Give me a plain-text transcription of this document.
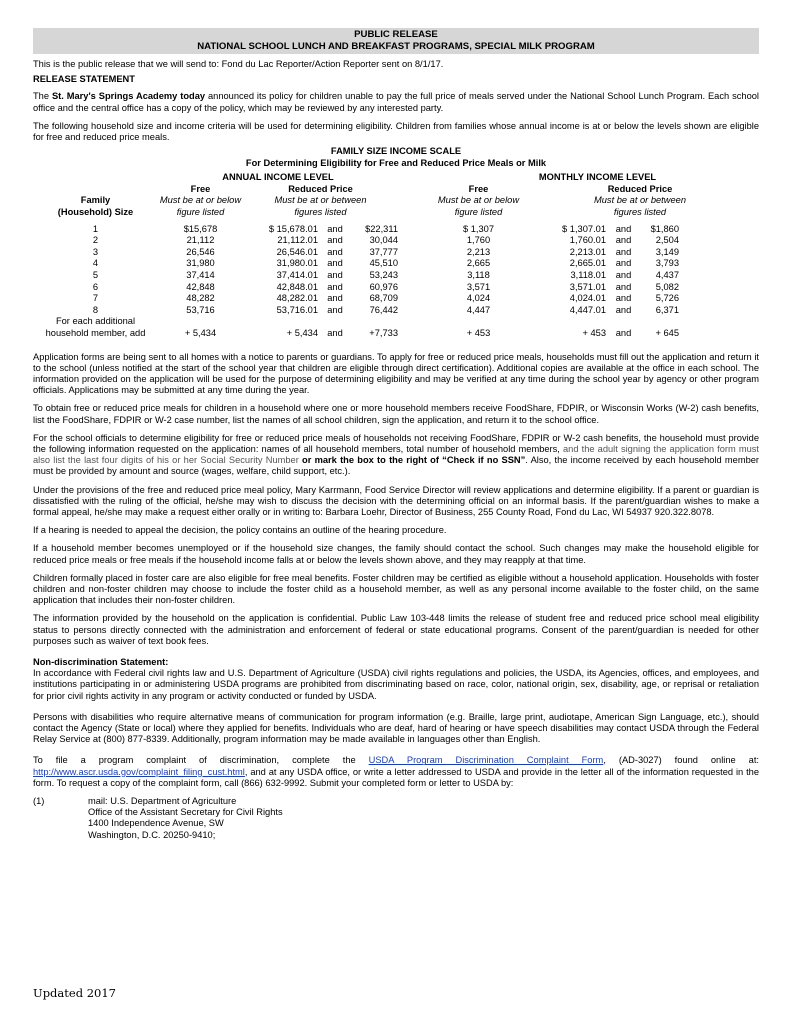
PUBLIC RELEASE
NATIONAL SCHOOL LUNCH AND BREAKFAST PROGRAMS, SPECIAL MILK PROGRAM

This is the public release that we will send to: Fond du Lac Reporter/Action Reporter sent on 8/1/17.

RELEASE STATEMENT

The St. Mary's Springs Academy today announced its policy for children unable to pay the full price of meals served under the National School Lunch Program. Each school office and the central office has a copy of the policy, which may be reviewed by any interested party.

The following household size and income criteria will be used for determining eligibility. Children from families whose annual income is at or below the levels shown are eligible for free and reduced price meals.

FAMILY SIZE INCOME SCALE
For Determining Eligibility for Free and Reduced Price Meals or Milk
	ANNUAL INCOME LEVEL					MONTHLY INCOME LEVEL				
	Free	Reduced Price				Free	Reduced Price			
Family	Must be at or below	Must be at or between				Must be at or below	Must be at or between			
(Household) Size	figure listed	figures listed				figure listed	figures listed			

1	$15,678	$ 15,678.01	and	$22,311		$ 1,307	$ 1,307.01	and	$1,860	
2	21,112	21,112.01	and	30,044		1,760	1,760.01	and	2,504	
3	26,546	26,546.01	and	37,777		2,213	2,213.01	and	3,149	
4	31,980	31,980.01	and	45,510		2,665	2,665.01	and	3,793	
5	37,414	37,414.01	and	53,243		3,118	3,118.01	and	4,437	
6	42,848	42,848.01	and	60,976		3,571	3,571.01	and	5,082	
7	48,282	48,282.01	and	68,709		4,024	4,024.01	and	5,726	
8	53,716	53,716.01	and	76,442		4,447	4,447.01	and	6,371	
For each additional										
household member, add	+ 5,434	+ 5,434	and	+7,733		+ 453	+ 453	and	+ 645	

Application forms are being sent to all homes with a notice to parents or guardians. To apply for free or reduced price meals, households must fill out the application and return it to the school (unless notified at the start of the school year that children are eligible through direct certification). Additional copies are available at the office in each school. The information provided on the application will be used for the purpose of determining eligibility and may be verified at any time during the school year by agency or other program officials. Applications may be submitted at any time during the year.

To obtain free or reduced price meals for children in a household where one or more household members receive FoodShare, FDPIR, or Wisconsin Works (W-2) cash benefits, list the FoodShare, FDPIR or W-2 case number, list the names of all school children, sign the application, and return it to the school office.

For the school officials to determine eligibility for free or reduced price meals of households not receiving FoodShare, FDPIR or W-2 cash benefits, the household must provide the following information requested on the application: names of all household members, total number of household members, and the adult signing the application form must also list the last four digits of his or her Social Security Number or mark the box to the right of “Check if no SSN”. Also, the income received by each household member must be provided by amount and source (wages, welfare, child support, etc.).

Under the provisions of the free and reduced price meal policy, Mary Karrmann, Food Service Director will review applications and determine eligibility. If a parent or guardian is dissatisfied with the ruling of the official, he/she may wish to discuss the decision with the determining official on an informal basis. If the parent/guardian wishes to make a formal appeal, he/she may make a request either orally or in writing to: Barbara Loehr, Director of Business, 255 County Road, Fond du Lac, WI 54937 920.322.8078.

If a hearing is needed to appeal the decision, the policy contains an outline of the hearing procedure.

If a household member becomes unemployed or if the household size changes, the family should contact the school. Such changes may make the household eligible for reduced price meals or free meals if the household income falls at or below the levels shown above, and they may reapply at that time.

Children formally placed in foster care are also eligible for free meal benefits. Foster children may be certified as eligible without a household application. Households with foster children and non-foster children may choose to include the foster child as a household member, as well as any personal income available to the foster child, on the same application that includes their non-foster children.

The information provided by the household on the application is confidential. Public Law 103-448 limits the release of student free and reduced price school meal eligibility status to persons directly connected with the administration and enforcement of federal or state educational programs. Consent of the parent/guardian is needed for other purposes such as waiver of text book fees.

Non-discrimination Statement:

In accordance with Federal civil rights law and U.S. Department of Agriculture (USDA) civil rights regulations and policies, the USDA, its Agencies, offices, and employees, and institutions participating in or administering USDA programs are prohibited from discriminating based on race, color, national origin, sex, disability, age, or reprisal or retaliation for prior civil rights activity in any program or activity conducted or funded by USDA.

Persons with disabilities who require alternative means of communication for program information (e.g. Braille, large print, audiotape, American Sign Language, etc.), should contact the Agency (State or local) where they applied for benefits. Individuals who are deaf, hard of hearing or have speech disabilities may contact USDA through the Federal Relay Service at (800) 877-8339. Additionally, program information may be made available in languages other than English.

To file a program complaint of discrimination, complete the USDA Program Discrimination Complaint Form, (AD-3027) found online at: http://www.ascr.usda.gov/complaint_filing_cust.html, and at any USDA office, or write a letter addressed to USDA and provide in the letter all of the information requested in the form. To request a copy of the complaint form, call (866) 632-9992. Submit your completed form or letter to USDA by:

(1)	mail: U.S. Department of Agriculture
Office of the Assistant Secretary for Civil Rights
1400 Independence Avenue, SW
Washington, D.C. 20250-9410;
Updated 2017
